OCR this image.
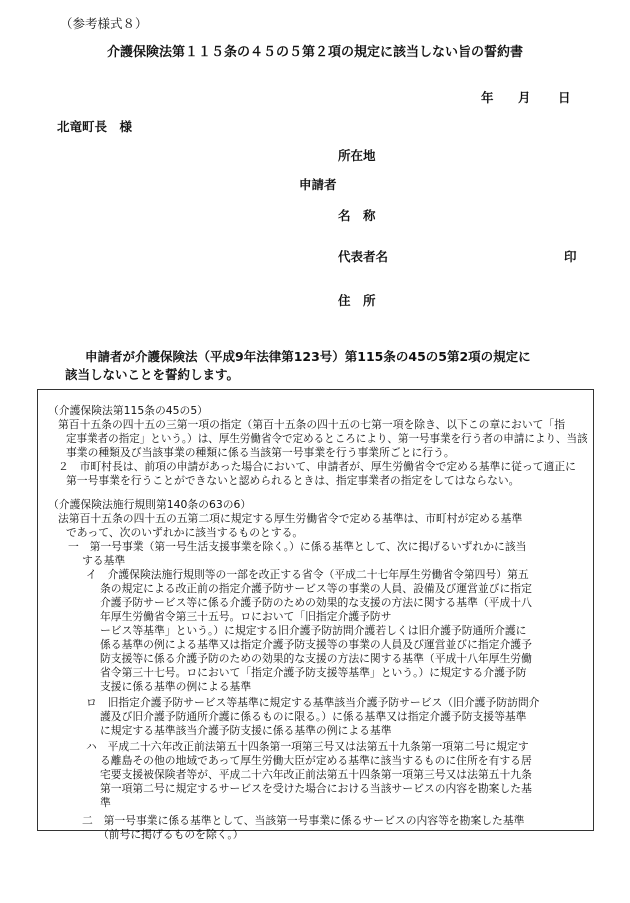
（参考様式８）
介護保険法第１１５条の４５の５第２項の規定に該当しない旨の誓約書
年 月 日
北竜町長　様
所在地
申請者
名　称
代表者名	印
住　所
申請者が介護保険法（平成9年法律第123号）第115条の45の5第2項の規定に
該当しないことを誓約します。
（介護保険法第115条の45の5）
第百十五条の四十五の三第一項の指定（第百十五条の四十五の七第一項を除き、以下この章において「指
定事業者の指定」という。）は、厚生労働省令で定めるところにより、第一号事業を行う者の申請により、当該
事業の種類及び当該事業の種類に係る当該第一号事業を行う事業所ごとに行う。
２　市町村長は、前項の申請があった場合において、申請者が、厚生労働省令で定める基準に従って適正に
第一号事業を行うことができないと認められるときは、指定事業者の指定をしてはならない。
（介護保険法施行規則第140条の63の6）
法第百十五条の四十五の五第二項に規定する厚生労働省令で定める基準は、市町村が定める基準
であって、次のいずれかに該当するものとする。
一　第一号事業（第一号生活支援事業を除く。）に係る基準として、次に掲げるいずれかに該当
する基準
イ　介護保険法施行規則等の一部を改正する省令（平成二十七年厚生労働省令第四号）第五
条の規定による改正前の指定介護予防サービス等の事業の人員、設備及び運営並びに指定
介護予防サービス等に係る介護予防のための効果的な支援の方法に関する基準（平成十八
年厚生労働省令第三十五号。ロにおいて「旧指定介護予防サ
ービス等基準」という。）に規定する旧介護予防訪問介護若しくは旧介護予防通所介護に
係る基準の例による基準又は指定介護予防支援等の事業の人員及び運営並びに指定介護予
防支援等に係る介護予防のための効果的な支援の方法に関する基準（平成十八年厚生労働
省令第三十七号。ロにおいて「指定介護予防支援等基準」という。）に規定する介護予防
支援に係る基準の例による基準
ロ　旧指定介護予防サービス等基準に規定する基準該当介護予防サービス（旧介護予防訪問介
護及び旧介護予防通所介護に係るものに限る。）に係る基準又は指定介護予防支援等基準
に規定する基準該当介護予防支援に係る基準の例による基準
ハ　平成二十六年改正前法第五十四条第一項第三号又は法第五十九条第一項第二号に規定す
る離島その他の地域であって厚生労働大臣が定める基準に該当するものに住所を有する居
宅要支援被保険者等が、平成二十六年改正前法第五十四条第一項第三号又は法第五十九条
第一項第二号に規定するサービスを受けた場合における当該サービスの内容を勘案した基
準
二　第一号事業に係る基準として、当該第一号事業に係るサービスの内容等を勘案した基準
（前号に掲げるものを除く。）
